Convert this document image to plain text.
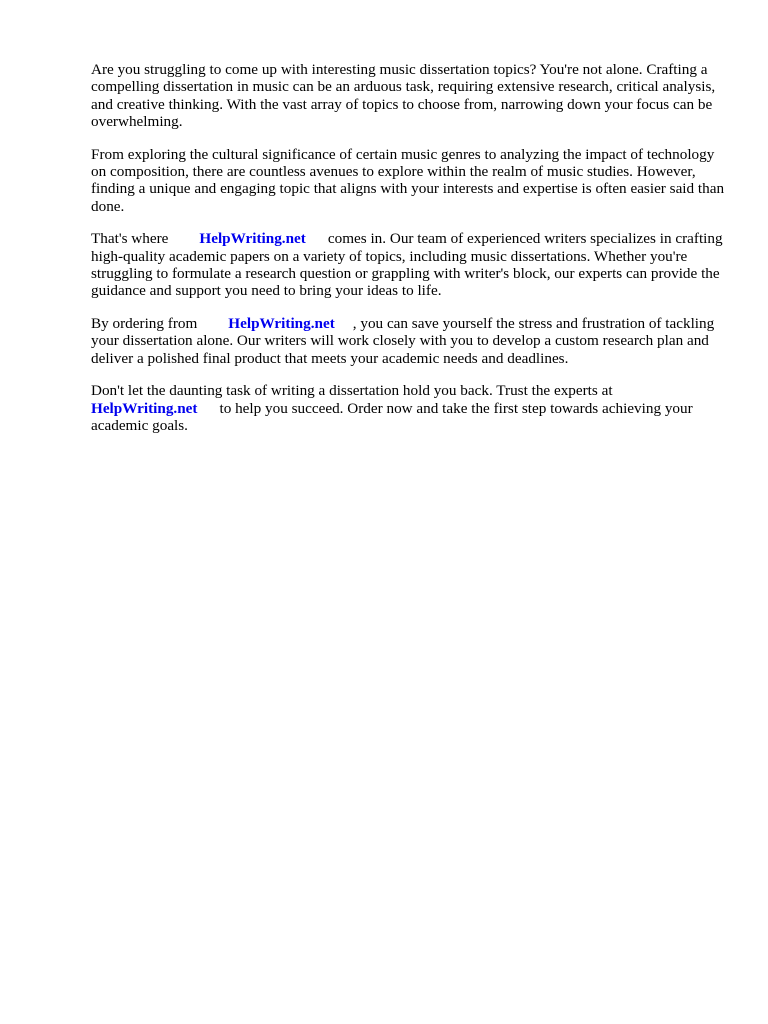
Are you struggling to come up with interesting music dissertation topics? You're not alone. Crafting a compelling dissertation in music can be an arduous task, requiring extensive research, critical analysis, and creative thinking. With the vast array of topics to choose from, narrowing down your focus can be overwhelming.

From exploring the cultural significance of certain music genres to analyzing the impact of technology on composition, there are countless avenues to explore within the realm of music studies. However, finding a unique and engaging topic that aligns with your interests and expertise is often easier said than done.

That's where HelpWriting.net comes in. Our team of experienced writers specializes in crafting high-quality academic papers on a variety of topics, including music dissertations. Whether you're struggling to formulate a research question or grappling with writer's block, our experts can provide the guidance and support you need to bring your ideas to life.

By ordering from HelpWriting.net , you can save yourself the stress and frustration of tackling your dissertation alone. Our writers will work closely with you to develop a custom research plan and deliver a polished final product that meets your academic needs and deadlines.

Don't let the daunting task of writing a dissertation hold you back. Trust the experts at
HelpWriting.net to help you succeed. Order now and take the first step towards achieving your academic goals.
